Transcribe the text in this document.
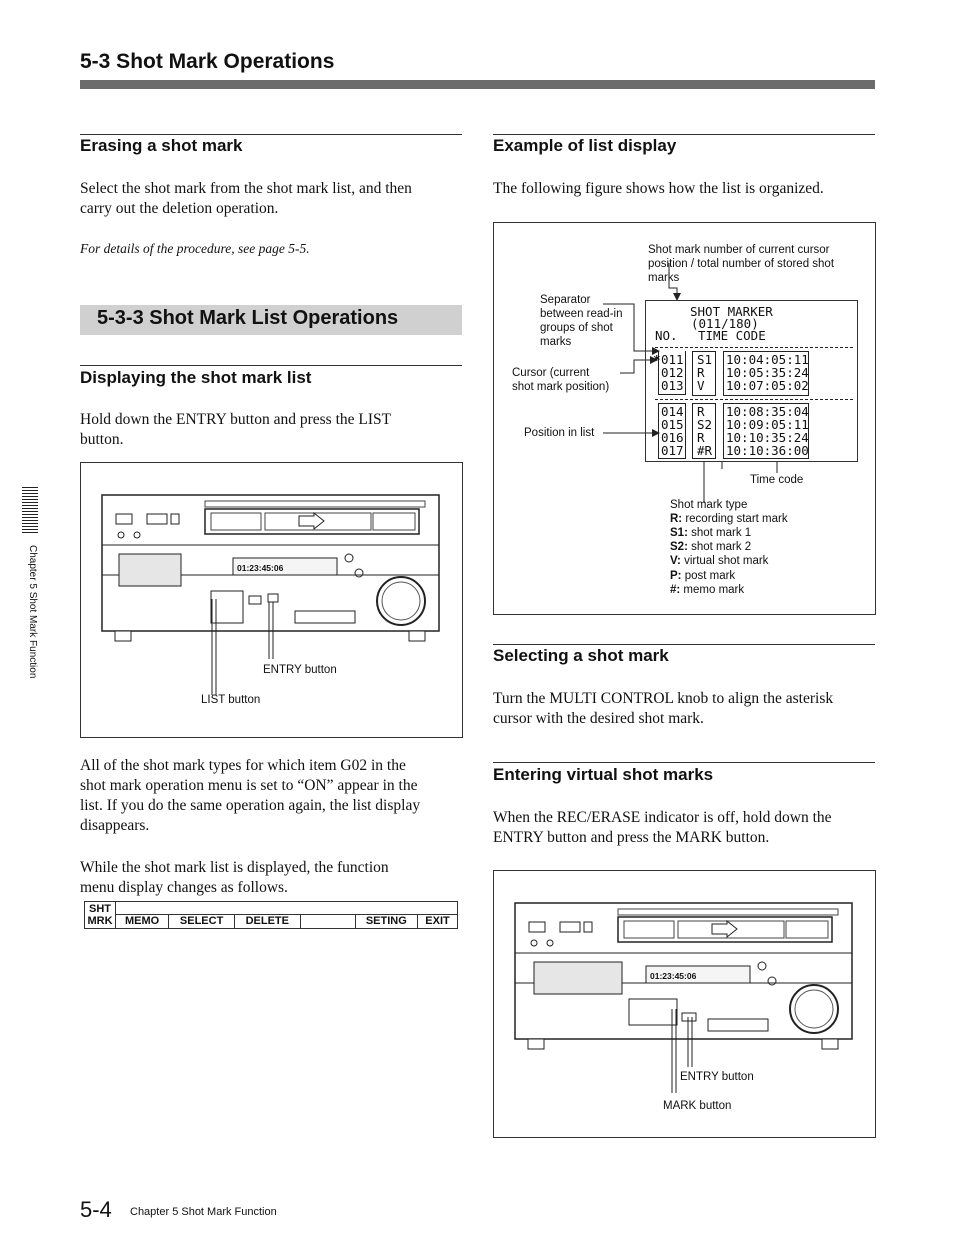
5-3 Shot Mark Operations
Chapter 5 Shot Mark Function
Erasing a shot mark
Select the shot mark from the shot mark list, and then
carry out the deletion operation.
For details of the procedure, see page 5-5.
5-3-3 Shot Mark List Operations
Displaying the shot mark list
Hold down the ENTRY button and press the LIST
button.
01:23:45:06
ENTRY button
LIST button
All of the shot mark types for which item G02 in the
shot mark operation menu is set to “ON” appear in the
list. If you do the same operation again, the list display
disappears.
While the shot mark list is displayed, the function
menu display changes as follows.
SHT
MRK						
	MEMO	SELECT	DELETE		SETING	EXIT
Example of list display
The following figure shows how the list is organized.
Shot mark number of current cursor
position / total number of stored shot
marks
Separator
between read-in
groups of shot
marks
Cursor (current
shot mark position)
Position in list
Time code
SHOT MARKER
(011/180)
NO. TIME CODE
* 011 S1 10:04:05:11
012 R 10:05:35:24
013 V 10:07:05:02
014 R 10:08:35:04
015 S2 10:09:05:11
016 R 10:10:35:24
017 #R 10:10:36:00
Shot mark type
R: recording start mark
S1: shot mark 1
S2: shot mark 2
V: virtual shot mark
P: post mark
#: memo mark
Selecting a shot mark
Turn the MULTI CONTROL knob to align the asterisk
cursor with the desired shot mark.
Entering virtual shot marks
When the REC/ERASE indicator is off, hold down the
ENTRY button and press the MARK button.
01:23:45:06
ENTRY button
MARK button
5-4 Chapter 5 Shot Mark Function
